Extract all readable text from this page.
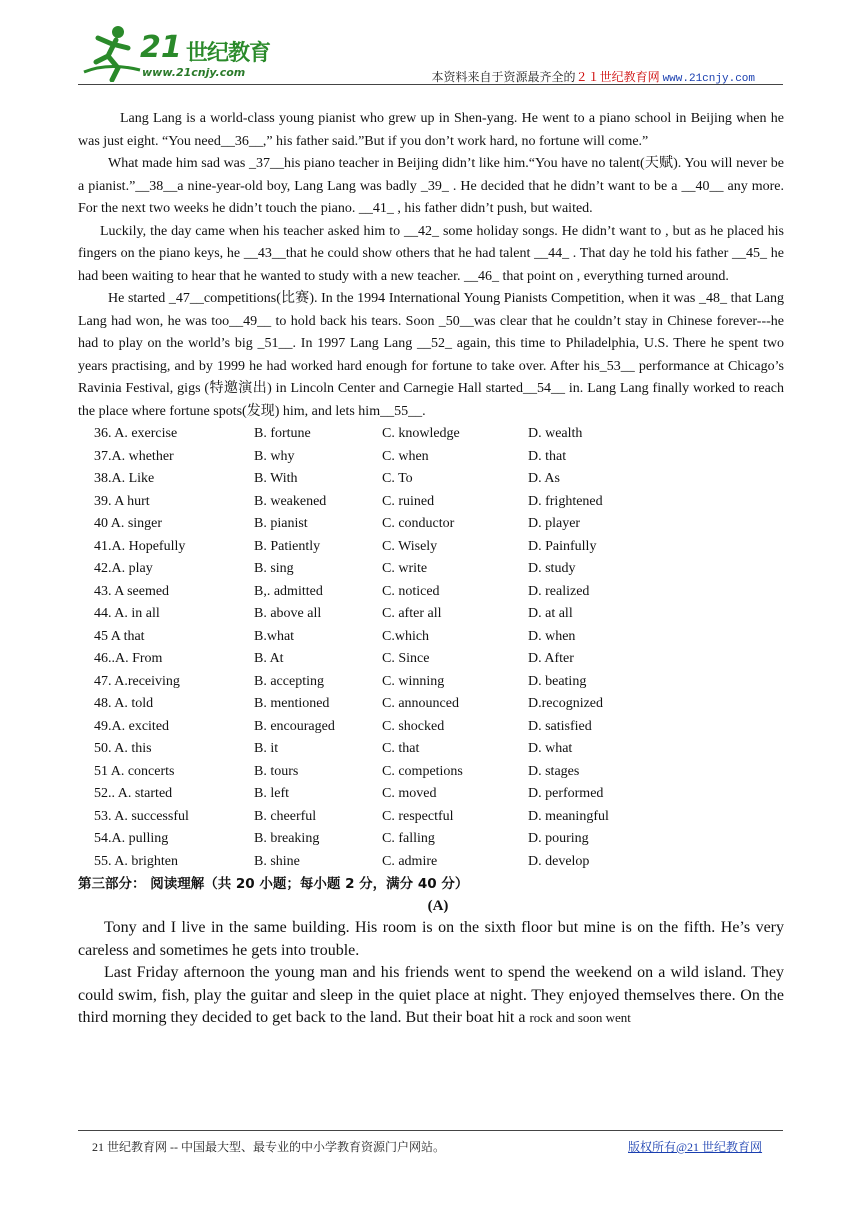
21 世纪教育
www.21cnjy.com	本资料来自于资源最齐全的２１世纪教育网 www.21cnjy.com

Lang Lang is a world-class young pianist who grew up in Shen-yang. He went to a piano school in Beijing when he was just eight. “You need__36__,” his father said.”But if you don’t work hard, no fortune will come.”

What made him sad was _37__his piano teacher in Beijing didn’t like him.“You have no talent(天赋). You will never be a pianist.”__38__a nine-year-old boy, Lang Lang was badly _39_ . He decided that he didn’t want to be a __40__ any more. For the next two weeks he didn’t touch the piano. __41_ , his father didn’t push, but waited.

Luckily, the day came when his teacher asked him to __42_ some holiday songs. He didn’t want to , but as he placed his fingers on the piano keys, he __43__that he could show others that he had talent __44_ . That day he told his father __45_ he had been waiting to hear that he wanted to study with a new teacher. __46_ that point on , everything turned around.

He started _47__competitions(比赛). In the 1994 International Young Pianists Competition, when it was _48_ that Lang Lang had won, he was too__49__ to hold back his tears. Soon _50__was clear that he couldn’t stay in Chinese forever---he had to play on the world’s big _51__. In 1997 Lang Lang __52_ again, this time to Philadelphia, U.S. There he spent two years practising, and by 1999 he had worked hard enough for fortune to take over. After his_53__ performance at Chicago’s Ravinia Festival, gigs (特邀演出) in Lincoln Center and Carnegie Hall started__54__ in. Lang Lang finally worked to reach the place where fortune spots(发现) him, and lets him__55__.

36. A. exercise	B. fortune	C. knowledge	D. wealth
37.A. whether	B. why	C. when	D. that
38.A. Like	B. With	C. To	D. As
39. A hurt	B. weakened	C. ruined	D. frightened
40 A. singer	B. pianist	C. conductor	D. player
41.A. Hopefully	B. Patiently	C. Wisely	D. Painfully
42.A. play	B. sing	C. write	D. study
43. A seemed	B,. admitted	C. noticed	D. realized
44. A. in all	B. above all	C. after all	D. at all
45 A that	B.what	C.which	D. when
46..A. From	B. At	C. Since	D. After
47. A.receiving	B. accepting	C. winning	D. beating
48. A. told	B. mentioned	C. announced	D.recognized
49.A. excited	B. encouraged	C. shocked	D. satisfied
50. A. this	B. it	C. that	D. what
51 A. concerts	B. tours	C. competions	D. stages
52.. A. started	B. left	C. moved	D. performed
53. A. successful	B. cheerful	C. respectful	D. meaningful
54.A. pulling	B. breaking	C. falling	D. pouring
55. A. brighten	B. shine	C. admire	D. develop
第三部分： 阅读理解（共 20 小题；每小题 2 分，满分 40 分）
(A)

Tony and I live in the same building. His room is on the sixth floor but mine is on the fifth. He’s very careless and sometimes he gets into trouble.

Last Friday afternoon the young man and his friends went to spend the weekend on a wild island. They could swim, fish, play the guitar and sleep in the quiet place at night. They enjoyed themselves there. On the third morning they decided to get back to the land. But their boat hit a rock and soon went

21 世纪教育网 -- 中国最大型、最专业的中小学教育资源门户网站。	版权所有@21 世纪教育网
